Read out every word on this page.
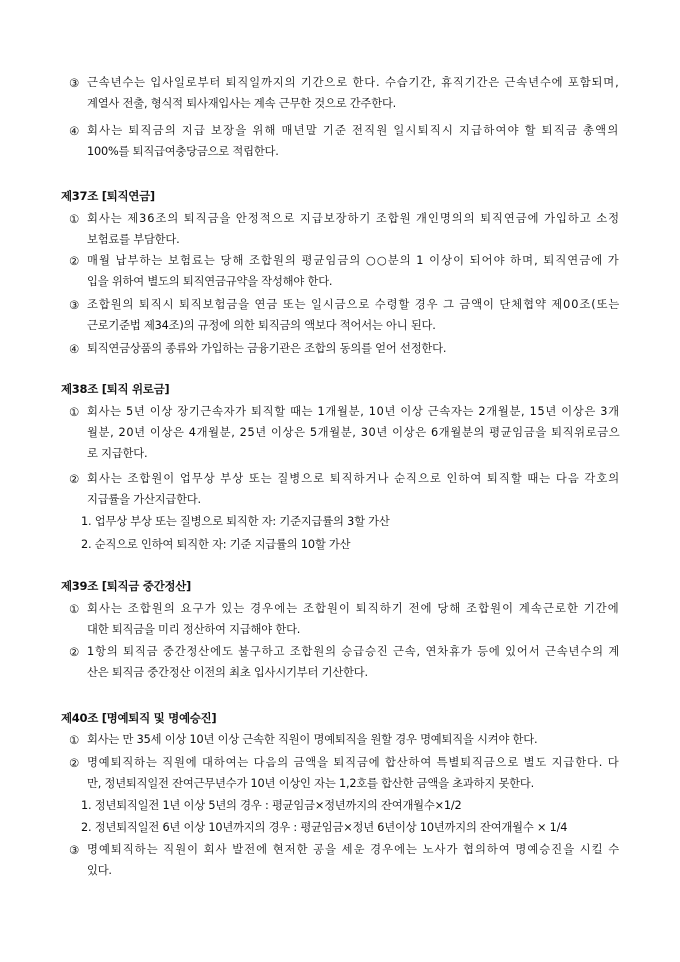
③ 근속년수는 입사일로부터 퇴직일까지의 기간으로 한다. 수습기간, 휴직기간은 근속년수에 포함되며,
계열사 전출, 형식적 퇴사재입사는 계속 근무한 것으로 간주한다.
④ 회사는 퇴직금의 지급 보장을 위해 매년말 기준 전직원 일시퇴직시 지급하여야 할 퇴직금 총액의
100%를 퇴직급여충당금으로 적립한다.
제37조 [퇴직연금]
① 회사는 제36조의 퇴직금을 안정적으로 지급보장하기 조합원 개인명의의 퇴직연금에 가입하고 소정
보험료를 부담한다.
② 매월 납부하는 보험료는 당해 조합원의 평균임금의 ○○분의 1 이상이 되어야 하며, 퇴직연금에 가
입을 위하여 별도의 퇴직연금규약을 작성해야 한다.
③ 조합원의 퇴직시 퇴직보험금을 연금 또는 일시금으로 수령할 경우 그 금액이 단체협약 제00조(또는
근로기준법 제34조)의 규정에 의한 퇴직금의 액보다 적어서는 아니 된다.
④ 퇴직연금상품의 종류와 가입하는 금융기관은 조합의 동의를 얻어 선정한다.
제38조 [퇴직 위로금]
① 회사는 5년 이상 장기근속자가 퇴직할 때는 1개월분, 10년 이상 근속자는 2개월분, 15년 이상은 3개
월분, 20년 이상은 4개월분, 25년 이상은 5개월분, 30년 이상은 6개월분의 평균임금을 퇴직위로금으
로 지급한다.
② 회사는 조합원이 업무상 부상 또는 질병으로 퇴직하거나 순직으로 인하여 퇴직할 때는 다음 각호의
지급률을 가산지급한다.
1. 업무상 부상 또는 질병으로 퇴직한 자: 기준지급률의 3할 가산
2. 순직으로 인하여 퇴직한 자: 기준 지급률의 10할 가산
제39조 [퇴직금 중간정산]
① 회사는 조합원의 요구가 있는 경우에는 조합원이 퇴직하기 전에 당해 조합원이 계속근로한 기간에
대한 퇴직금을 미리 정산하여 지급해야 한다.
② 1항의 퇴직금 중간정산에도 불구하고 조합원의 승급승진 근속, 연차휴가 등에 있어서 근속년수의 계
산은 퇴직금 중간정산 이전의 최초 입사시기부터 기산한다.
제40조 [명예퇴직 및 명예승진]
① 회사는 만 35세 이상 10년 이상 근속한 직원이 명예퇴직을 원할 경우 명예퇴직을 시켜야 한다.
② 명예퇴직하는 직원에 대하여는 다음의 금액을 퇴직금에 합산하여 특별퇴직금으로 별도 지급한다. 다
만, 정년퇴직일전 잔여근무년수가 10년 이상인 자는 1,2호를 합산한 금액을 초과하지 못한다.
1. 정년퇴직일전 1년 이상 5년의 경우 : 평균임금×정년까지의 잔여개월수×1/2
2. 정년퇴직일전 6년 이상 10년까지의 경우 : 평균임금×정년 6년이상 10년까지의 잔여개월수 × 1/4
③ 명예퇴직하는 직원이 회사 발전에 현저한 공을 세운 경우에는 노사가 협의하여 명예승진을 시킬 수
있다.
